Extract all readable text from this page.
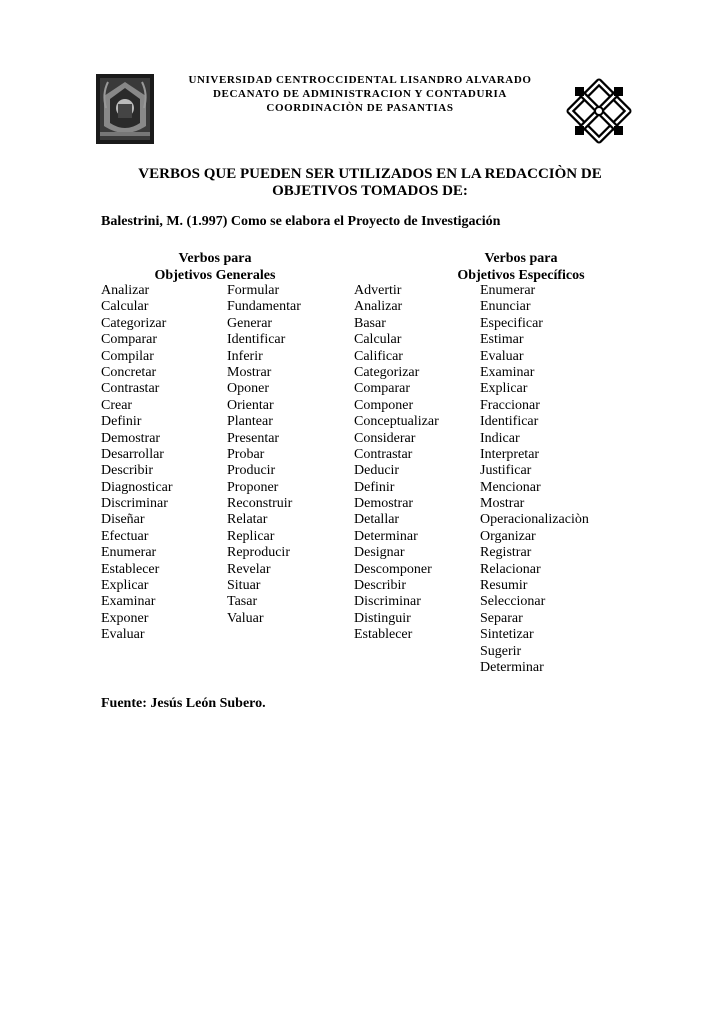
UNIVERSIDAD CENTROCCIDENTAL LISANDRO ALVARADO
DECANATO DE ADMINISTRACION Y CONTADURIA
COORDINACIÒN DE PASANTIAS
VERBOS QUE PUEDEN SER UTILIZADOS EN LA REDACCIÒN DE
OBJETIVOS TOMADOS DE:
Balestrini, M. (1.997) Como se elabora el Proyecto de Investigación
Verbos para
Objetivos Generales
Verbos para
Objetivos Específicos
Analizar
Calcular
Categorizar
Comparar
Compilar
Concretar
Contrastar
Crear
Definir
Demostrar
Desarrollar
Describir
Diagnosticar
Discriminar
Diseñar
Efectuar
Enumerar
Establecer
Explicar
Examinar
Exponer
Evaluar
Formular
Fundamentar
Generar
Identificar
Inferir
Mostrar
Oponer
Orientar
Plantear
Presentar
Probar
Producir
Proponer
Reconstruir
Relatar
Replicar
Reproducir
Revelar
Situar
Tasar
Valuar
Advertir
Analizar
Basar
Calcular
Calificar
Categorizar
Comparar
Componer
Conceptualizar
Considerar
Contrastar
Deducir
Definir
Demostrar
Detallar
Determinar
Designar
Descomponer
Describir
Discriminar
Distinguir
Establecer
Enumerar
Enunciar
Especificar
Estimar
Evaluar
Examinar
Explicar
Fraccionar
Identificar
Indicar
Interpretar
Justificar
Mencionar
Mostrar
Operacionalizaciòn
Organizar
Registrar
Relacionar
Resumir
Seleccionar
Separar
Sintetizar
Sugerir
Determinar
Fuente: Jesús León Subero.
